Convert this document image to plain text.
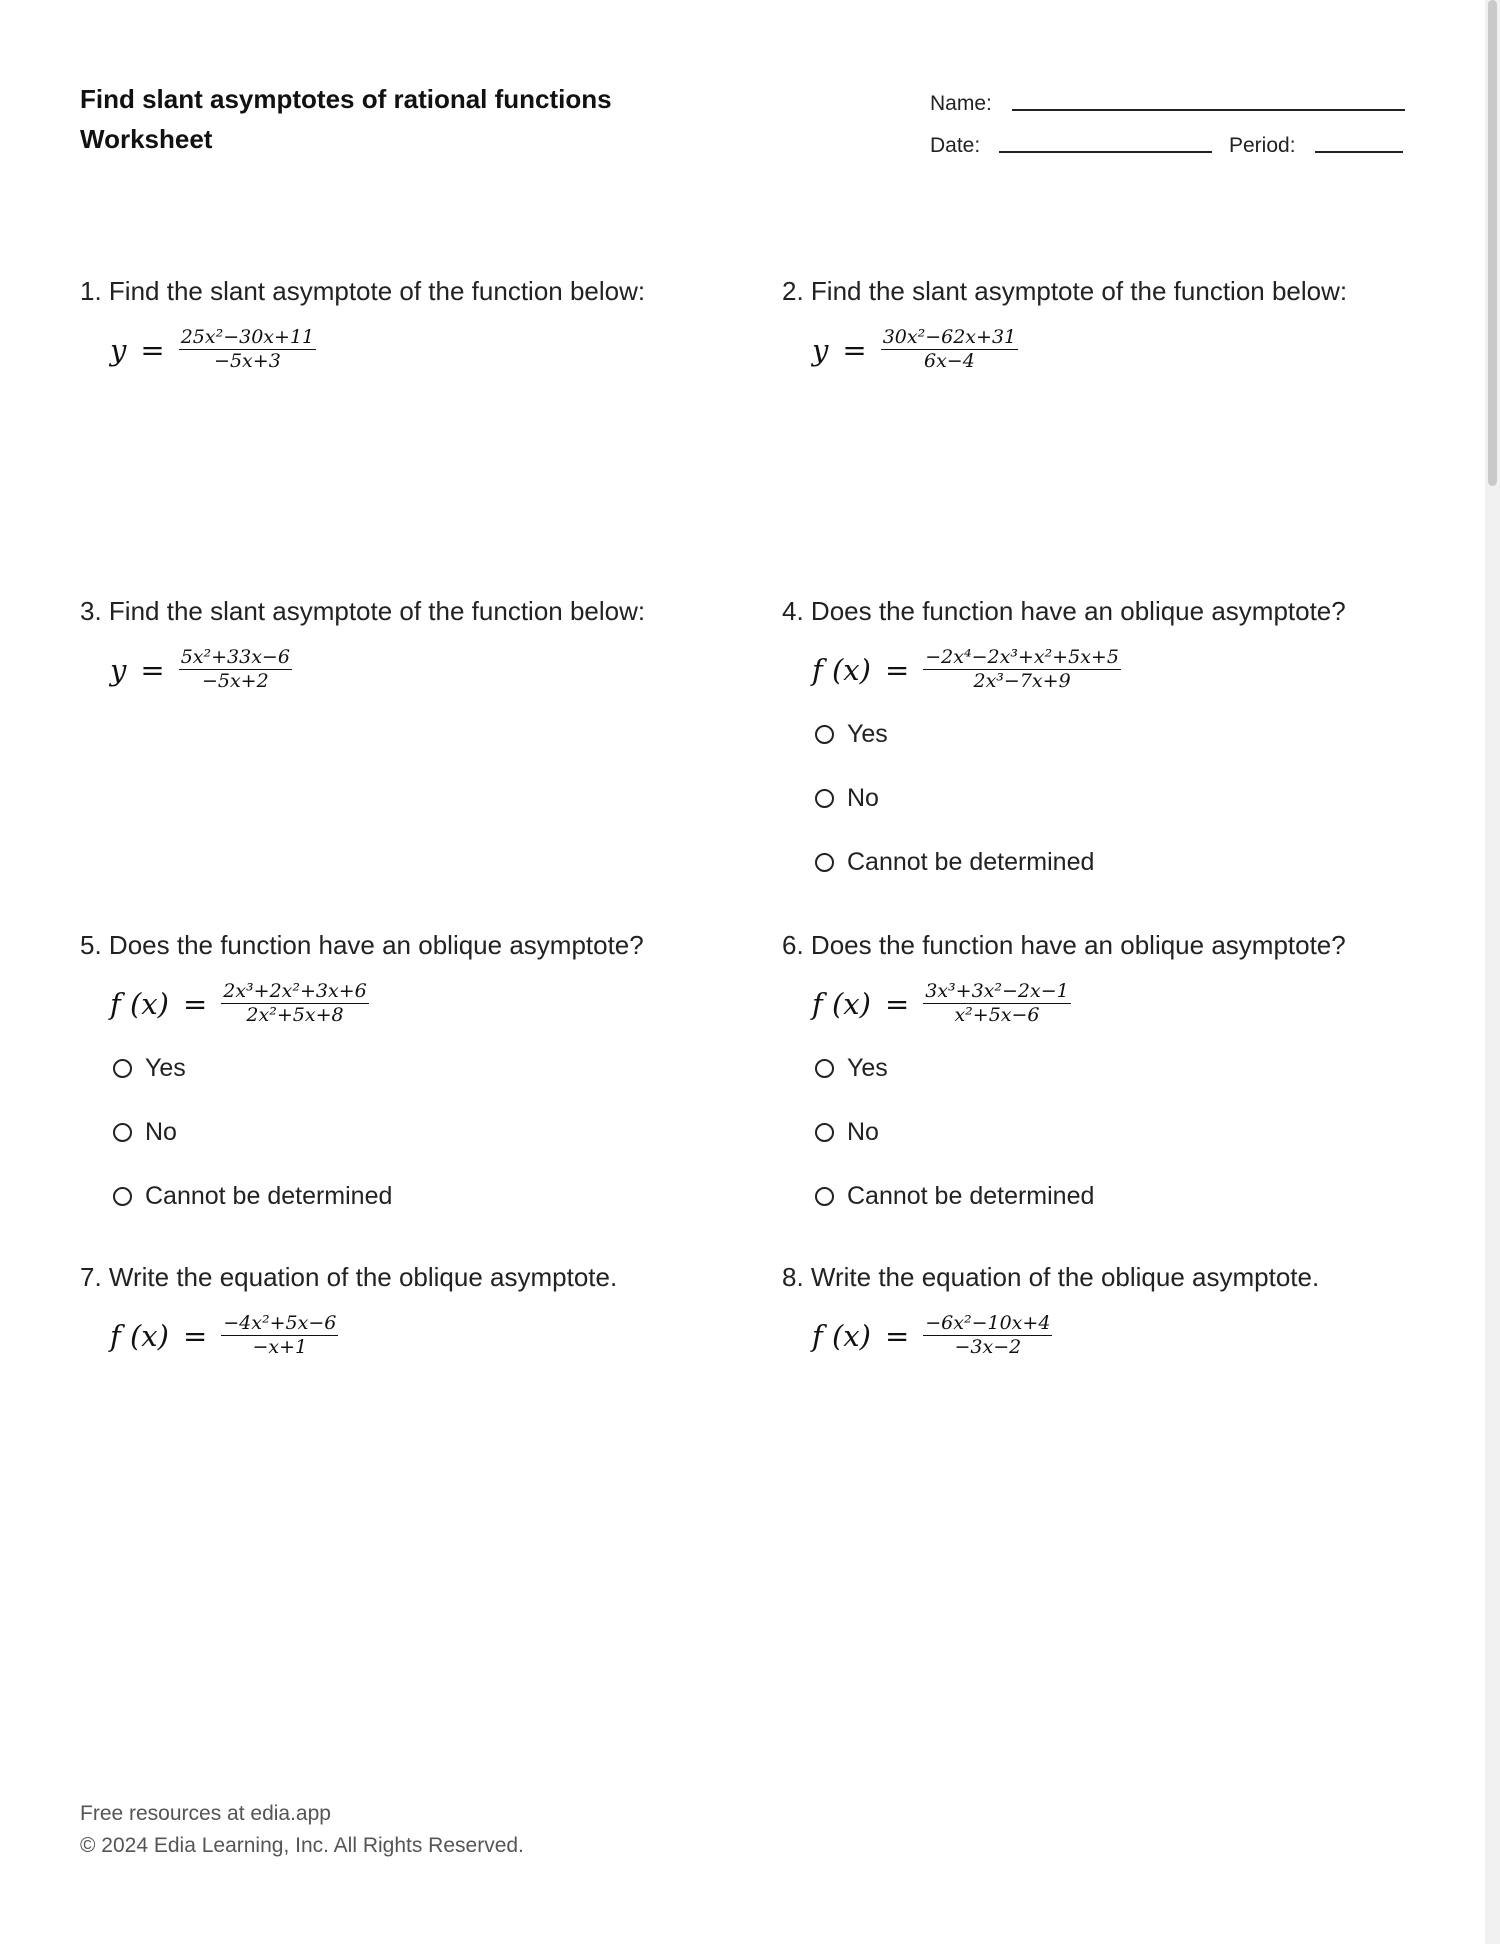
Find slant asymptotes of rational functions
Worksheet
Name:
Date:	Period:
1. Find the slant asymptote of the function below:
$y = \frac{\text{25x²−30x+11}}{-5x+3}$
2. Find the slant asymptote of the function below:
$y = \frac{\text{30x²−62x+31}}{6x-4}$
3. Find the slant asymptote of the function below:
$y = \frac{\text{5x²+33x−6}}{-5x+2}$
4. Does the function have an oblique asymptote?
f $(x) = \frac{\text{−2x⁴−2x³+x²+5x+5}}{\text{2x³−7x+9}}$
Yes
No
Cannot be determined
5. Does the function have an oblique asymptote?
f $(x) = \frac{\text{2x³+2x²+3x+6}}{\text{2x²+5x+8}}$
Yes
No
Cannot be determined
6. Does the function have an oblique asymptote?
f $(x) = \frac{\text{3x³+3x²−2x−1}}{\text{x²+5x−6}}$
Yes
No
Cannot be determined
7. Write the equation of the oblique asymptote.
f $(x) = \frac{\text{−4x²+5x−6}}{-x+1}$
8. Write the equation of the oblique asymptote.
f $(x) = \frac{\text{−6x²−10x+4}}{-3x-2}$
Free resources at edia.app
© 2024 Edia Learning, Inc. All Rights Reserved.
